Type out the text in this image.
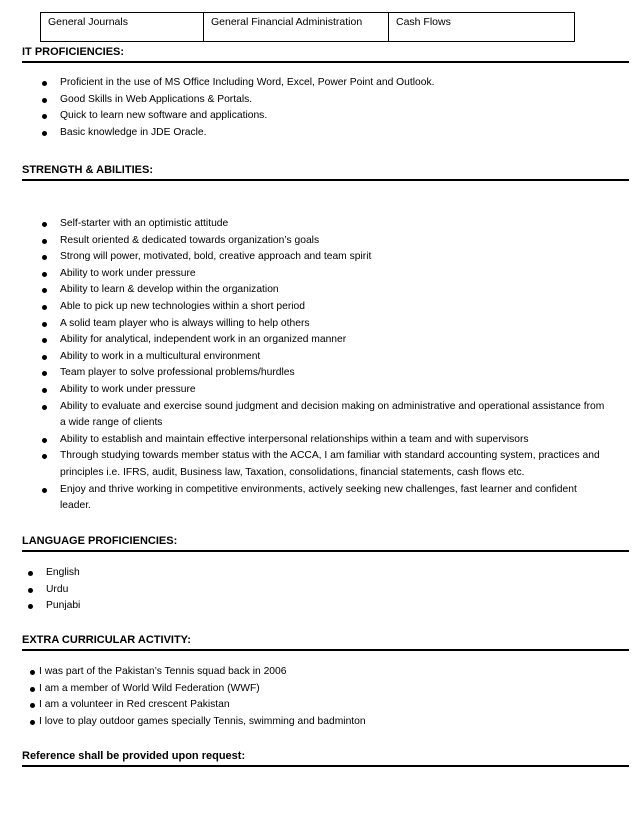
General Journals	General Financial Administration	Cash Flows
IT PROFICIENCIES:
Proficient in the use of MS Office Including Word, Excel, Power Point and Outlook.
Good Skills in Web Applications & Portals.
Quick to learn new software and applications.
Basic knowledge in JDE Oracle.
STRENGTH & ABILITIES:
Self-starter with an optimistic attitude
Result oriented & dedicated towards organization’s goals
Strong will power, motivated, bold, creative approach and team spirit
Ability to work under pressure
Ability to learn & develop within the organization
Able to pick up new technologies within a short period
A solid team player who is always willing to help others
Ability for analytical, independent work in an organized manner
Ability to work in a multicultural environment
Team player to solve professional problems/hurdles
Ability to work under pressure
Ability to evaluate and exercise sound judgment and decision making on administrative and operational assistance from a wide range of clients
Ability to establish and maintain effective interpersonal relationships within a team and with supervisors
Through studying towards member status with the ACCA, I am familiar with standard accounting system, practices and principles i.e. IFRS, audit, Business law, Taxation, consolidations, financial statements, cash flows etc.
Enjoy and thrive working in competitive environments, actively seeking new challenges, fast learner and confident leader.
LANGUAGE PROFICIENCIES:
English
Urdu
Punjabi
EXTRA CURRICULAR ACTIVITY:
I was part of the Pakistan’s Tennis squad back in 2006
I am a member of World Wild Federation (WWF)
I am a volunteer in Red crescent Pakistan
I love to play outdoor games specially Tennis, swimming and badminton
Reference shall be provided upon request:
